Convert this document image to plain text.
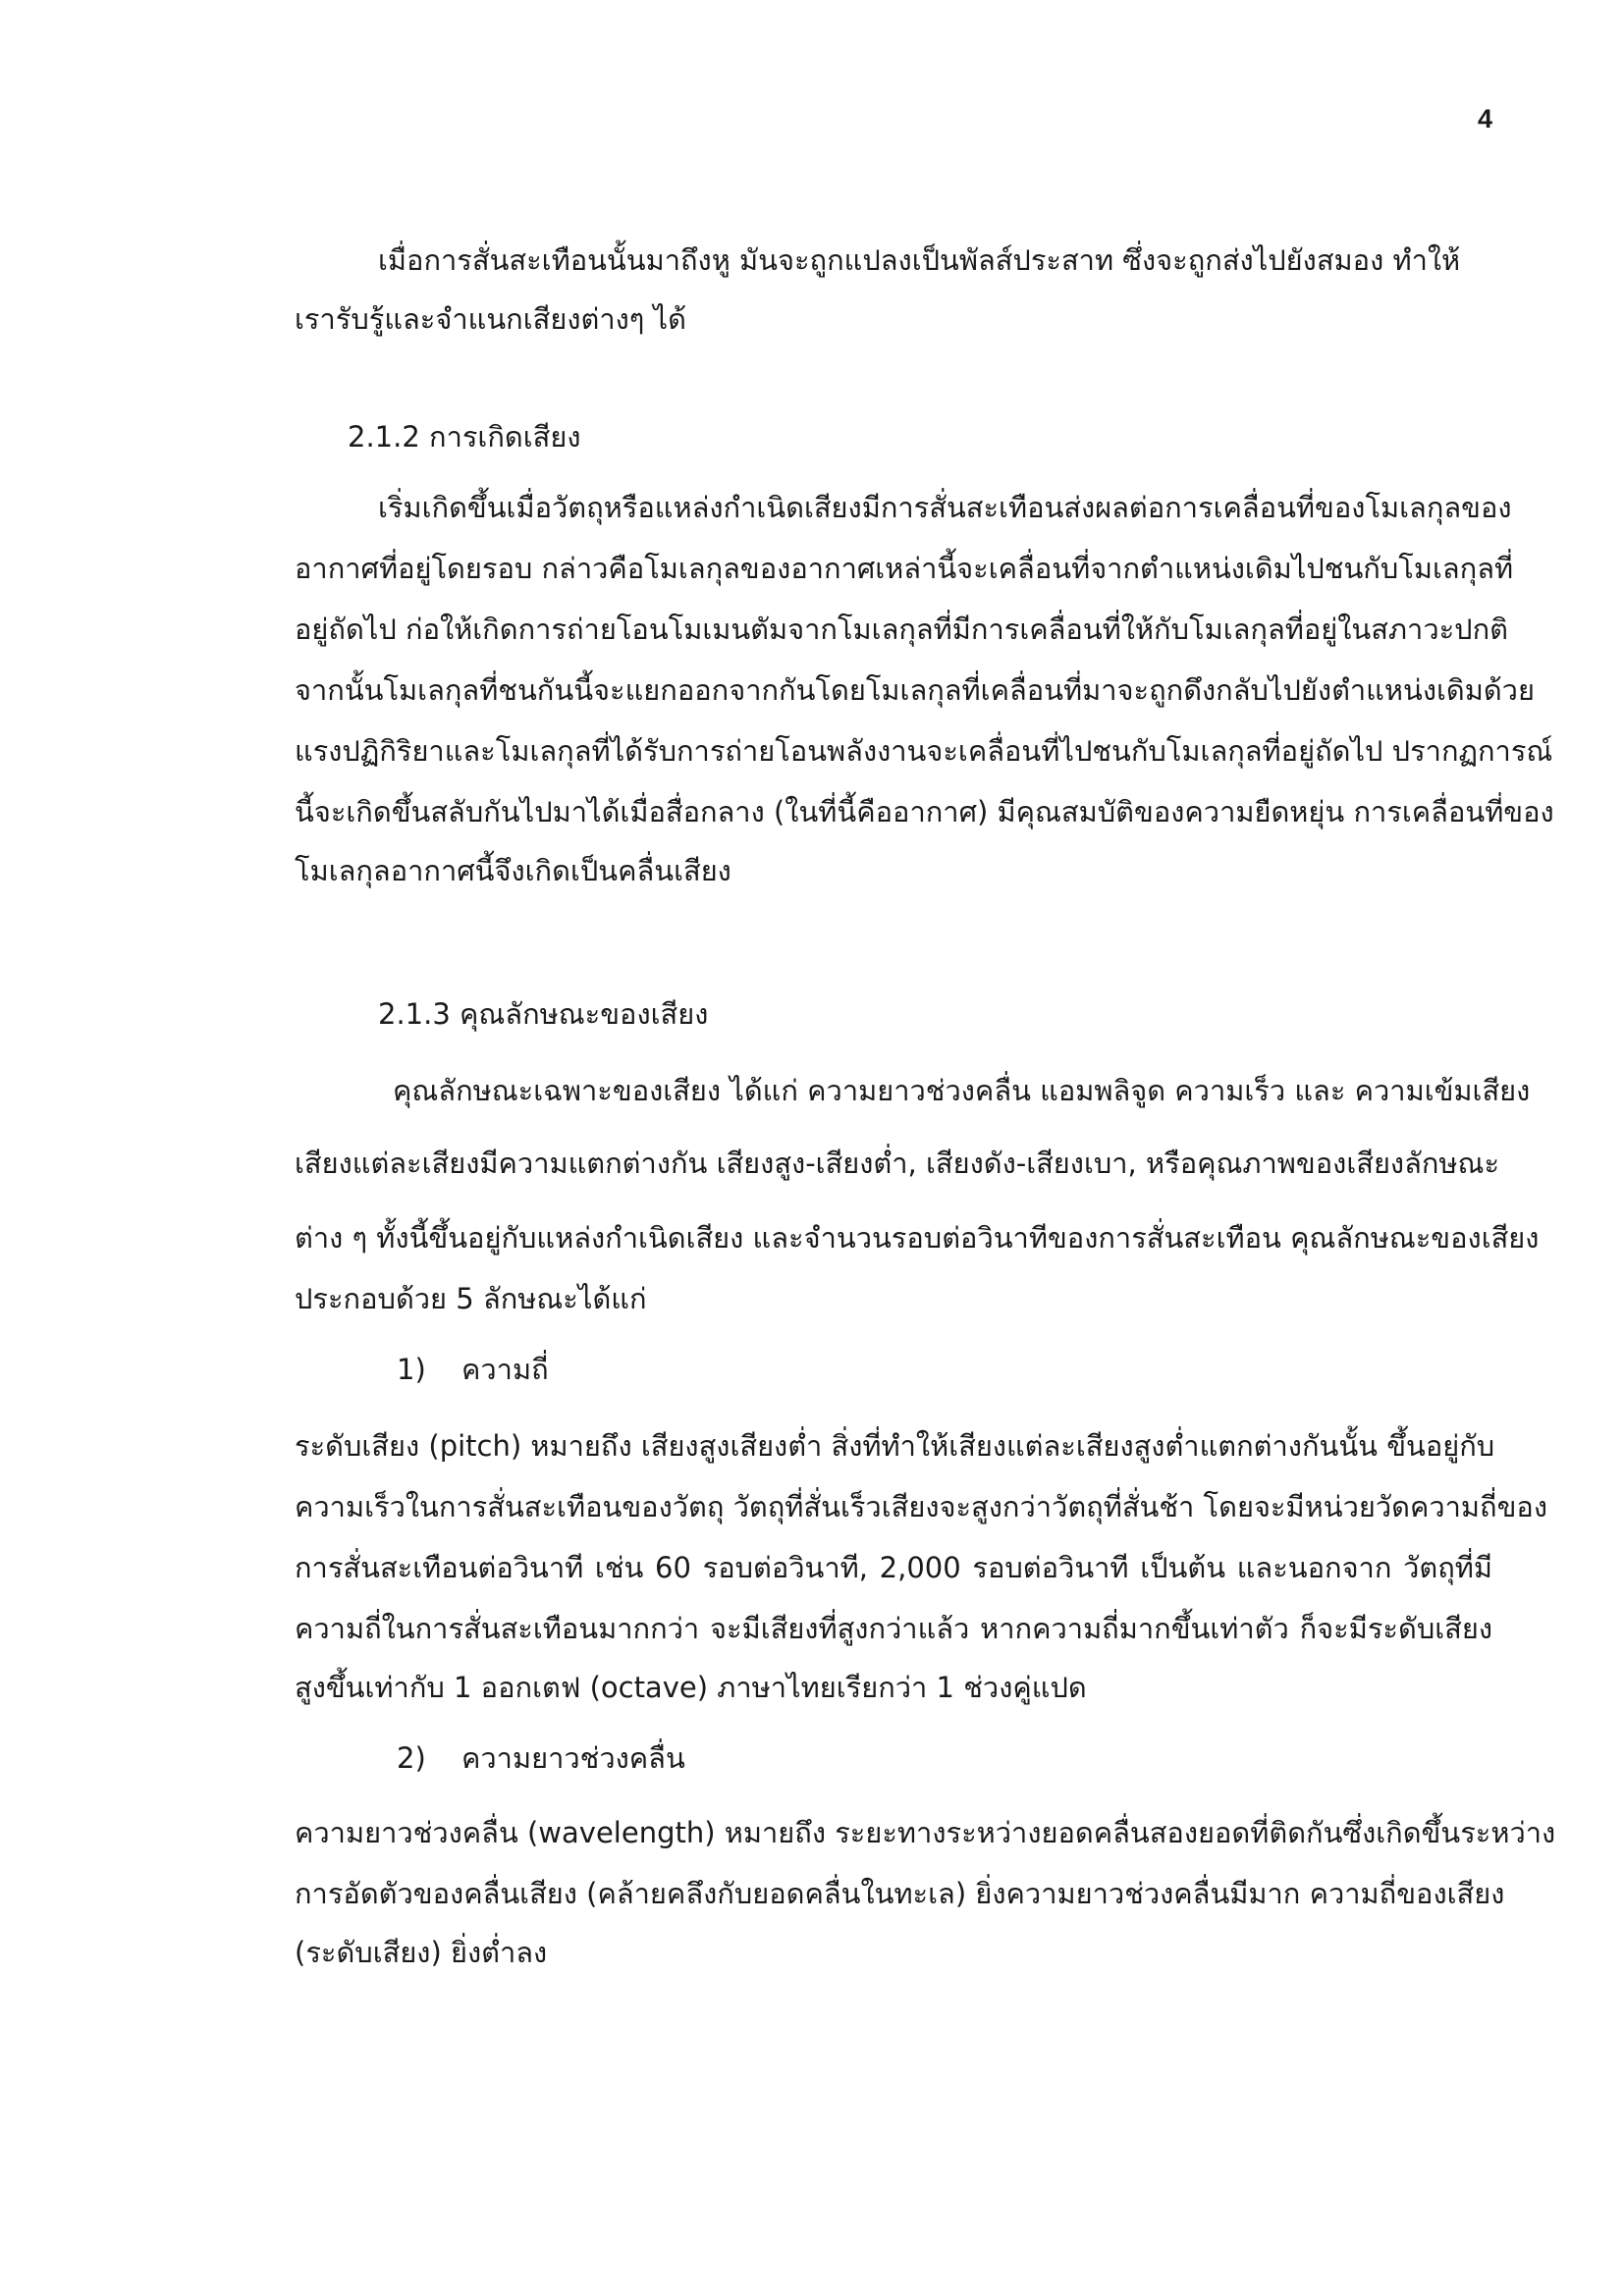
4

เมื่อการสั่นสะเทือนนั้นมาถึงหู มันจะถูกแปลงเป็นพัลส์ประสาท ซึ่งจะถูกส่งไปยังสมอง ทำให้

เรารับรู้และจำแนกเสียงต่างๆ ได้

2.1.2 การเกิดเสียง

เริ่มเกิดขึ้นเมื่อวัตถุหรือแหล่งกำเนิดเสียงมีการสั่นสะเทือนส่งผลต่อการเคลื่อนที่ของโมเลกุลของ

อากาศที่อยู่โดยรอบ กล่าวคือโมเลกุลของอากาศเหล่านี้จะเคลื่อนที่จากตำแหน่งเดิมไปชนกับโมเลกุลที่

อยู่ถัดไป ก่อให้เกิดการถ่ายโอนโมเมนตัมจากโมเลกุลที่มีการเคลื่อนที่ให้กับโมเลกุลที่อยู่ในสภาวะปกติ

จากนั้นโมเลกุลที่ชนกันนี้จะแยกออกจากกันโดยโมเลกุลที่เคลื่อนที่มาจะถูกดึงกลับไปยังตำแหน่งเดิมด้วย

แรงปฏิกิริยาและโมเลกุลที่ได้รับการถ่ายโอนพลังงานจะเคลื่อนที่ไปชนกับโมเลกุลที่อยู่ถัดไป ปรากฏการณ์

นี้จะเกิดขึ้นสลับกันไปมาได้เมื่อสื่อกลาง (ในที่นี้คืออากาศ) มีคุณสมบัติของความยืดหยุ่น การเคลื่อนที่ของ

โมเลกุลอากาศนี้จึงเกิดเป็นคลื่นเสียง

2.1.3 คุณลักษณะของเสียง

คุณลักษณะเฉพาะของเสียง ได้แก่ ความยาวช่วงคลื่น แอมพลิจูด ความเร็ว และ ความเข้มเสียง

เสียงแต่ละเสียงมีความแตกต่างกัน เสียงสูง-เสียงต่ำ, เสียงดัง-เสียงเบา, หรือคุณภาพของเสียงลักษณะ

ต่าง ๆ ทั้งนี้ขึ้นอยู่กับแหล่งกำเนิดเสียง และจำนวนรอบต่อวินาทีของการสั่นสะเทือน คุณลักษณะของเสียง

ประกอบด้วย 5 ลักษณะได้แก่

1) ความถี่

ระดับเสียง (pitch) หมายถึง เสียงสูงเสียงต่ำ สิ่งที่ทำให้เสียงแต่ละเสียงสูงต่ำแตกต่างกันนั้น ขึ้นอยู่กับ

ความเร็วในการสั่นสะเทือนของวัตถุ วัตถุที่สั่นเร็วเสียงจะสูงกว่าวัตถุที่สั่นช้า โดยจะมีหน่วยวัดความถี่ของ

การสั่นสะเทือนต่อวินาที เช่น 60 รอบต่อวินาที, 2,000 รอบต่อวินาที เป็นต้น และนอกจาก วัตถุที่มี

ความถี่ในการสั่นสะเทือนมากกว่า จะมีเสียงที่สูงกว่าแล้ว หากความถี่มากขึ้นเท่าตัว ก็จะมีระดับเสียง

สูงขึ้นเท่ากับ 1 ออกเตฟ (octave) ภาษาไทยเรียกว่า 1 ช่วงคู่แปด

2) ความยาวช่วงคลื่น

ความยาวช่วงคลื่น (wavelength) หมายถึง ระยะทางระหว่างยอดคลื่นสองยอดที่ติดกันซึ่งเกิดขึ้นระหว่าง

การอัดตัวของคลื่นเสียง (คล้ายคลึงกับยอดคลื่นในทะเล) ยิ่งความยาวช่วงคลื่นมีมาก ความถี่ของเสียง

(ระดับเสียง) ยิ่งต่ำลง
